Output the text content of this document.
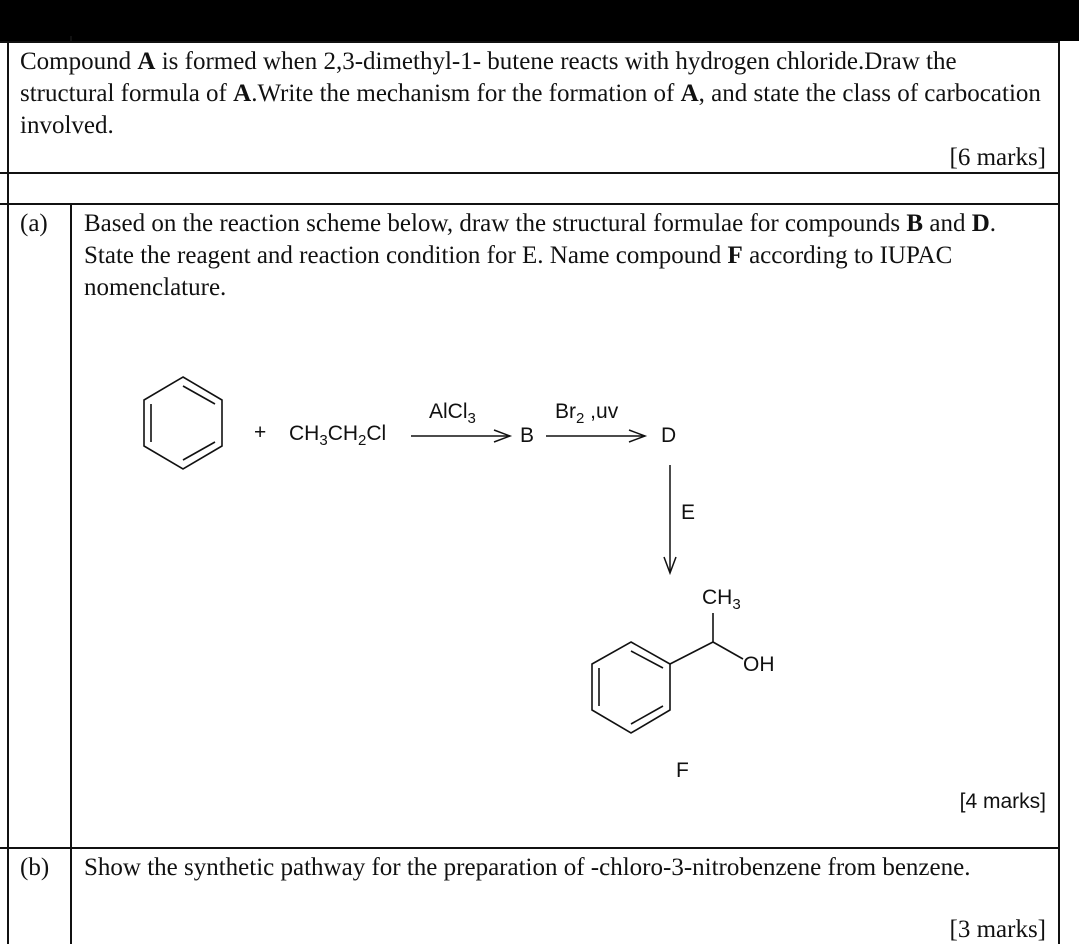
Compound A is formed when 2,3-dimethyl-1- butene reacts with hydrogen chloride.Draw the structural formula of A.Write the mechanism for the formation of A, and state the class of carbocation involved.
[6 marks]
(a) Based on the reaction scheme below, draw the structural formulae for compounds B and D. State the reagent and reaction condition for E. Name compound F according to IUPAC nomenclature.
+ $CH_3CH_2Cl$
AlCl$_3$
B
$Br_2$ ,uv
D
E
$CH_3$
OH
F
[4 marks]
(b) Show the synthetic pathway for the preparation of -chloro-3-nitrobenzene from benzene.
[3 marks]
